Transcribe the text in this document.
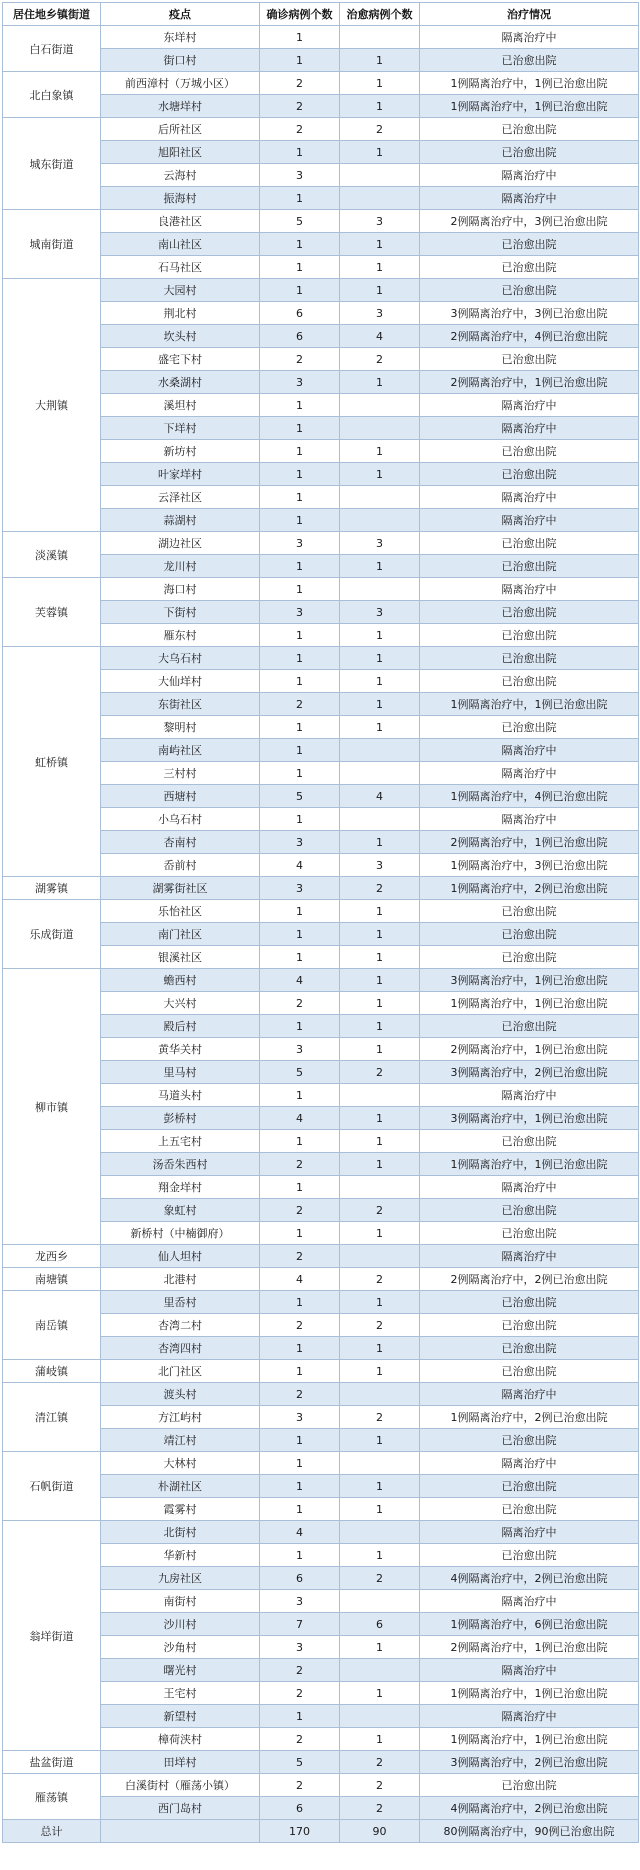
居住地乡镇街道	疫点	确诊病例个数	治愈病例个数	治疗情况
白石街道	东垟村	1		隔离治疗中
	街口村	1	1	已治愈出院
北白象镇	前西漳村（万城小区）	2	1	1例隔离治疗中，1例已治愈出院
	水塘垟村	2	1	1例隔离治疗中，1例已治愈出院
城东街道	后所社区	2	2	已治愈出院
	旭阳社区	1	1	已治愈出院
	云海村	3		隔离治疗中
	振海村	1		隔离治疗中
城南街道	良港社区	5	3	2例隔离治疗中，3例已治愈出院
	南山社区	1	1	已治愈出院
	石马社区	1	1	已治愈出院
大荆镇	大园村	1	1	已治愈出院
	荆北村	6	3	3例隔离治疗中，3例已治愈出院
	坎头村	6	4	2例隔离治疗中，4例已治愈出院
	盛宅下村	2	2	已治愈出院
	水桑湖村	3	1	2例隔离治疗中，1例已治愈出院
	溪坦村	1		隔离治疗中
	下垟村	1		隔离治疗中
	新坊村	1	1	已治愈出院
	叶家垟村	1	1	已治愈出院
	云泽社区	1		隔离治疗中
	蒜湖村	1		隔离治疗中
淡溪镇	湖边社区	3	3	已治愈出院
	龙川村	1	1	已治愈出院
芙蓉镇	海口村	1		隔离治疗中
	下街村	3	3	已治愈出院
	雁东村	1	1	已治愈出院
虹桥镇	大乌石村	1	1	已治愈出院
	大仙垟村	1	1	已治愈出院
	东街社区	2	1	1例隔离治疗中，1例已治愈出院
	黎明村	1	1	已治愈出院
	南屿社区	1		隔离治疗中
	三村村	1		隔离治疗中
	西塘村	5	4	1例隔离治疗中，4例已治愈出院
	小乌石村	1		隔离治疗中
	杏南村	3	1	2例隔离治疗中，1例已治愈出院
	岙前村	4	3	1例隔离治疗中，3例已治愈出院
湖雾镇	湖雾街社区	3	2	1例隔离治疗中，2例已治愈出院
乐成街道	乐怡社区	1	1	已治愈出院
	南门社区	1	1	已治愈出院
	银溪社区	1	1	已治愈出院
柳市镇	蟾西村	4	1	3例隔离治疗中，1例已治愈出院
	大兴村	2	1	1例隔离治疗中，1例已治愈出院
	殿后村	1	1	已治愈出院
	黄华关村	3	1	2例隔离治疗中，1例已治愈出院
	里马村	5	2	3例隔离治疗中，2例已治愈出院
	马道头村	1		隔离治疗中
	彭桥村	4	1	3例隔离治疗中，1例已治愈出院
	上五宅村	1	1	已治愈出院
	汤岙朱西村	2	1	1例隔离治疗中，1例已治愈出院
	翔金垟村	1		隔离治疗中
	象虹村	2	2	已治愈出院
	新桥村（中楠御府）	1	1	已治愈出院
龙西乡	仙人坦村	2		隔离治疗中
南塘镇	北港村	4	2	2例隔离治疗中，2例已治愈出院
南岳镇	里岙村	1	1	已治愈出院
	杏湾二村	2	2	已治愈出院
	杏湾四村	1	1	已治愈出院
蒲岐镇	北门社区	1	1	已治愈出院
清江镇	渡头村	2		隔离治疗中
	方江屿村	3	2	1例隔离治疗中，2例已治愈出院
	靖江村	1	1	已治愈出院
石帆街道	大林村	1		隔离治疗中
	朴湖社区	1	1	已治愈出院
	霞雾村	1	1	已治愈出院
翁垟街道	北街村	4		隔离治疗中
	华新村	1	1	已治愈出院
	九房社区	6	2	4例隔离治疗中，2例已治愈出院
	南街村	3		隔离治疗中
	沙川村	7	6	1例隔离治疗中，6例已治愈出院
	沙角村	3	1	2例隔离治疗中，1例已治愈出院
	曙光村	2		隔离治疗中
	王宅村	2	1	1例隔离治疗中，1例已治愈出院
	新望村	1		隔离治疗中
	樟荷浃村	2	1	1例隔离治疗中，1例已治愈出院
盐盆街道	田垟村	5	2	3例隔离治疗中，2例已治愈出院
雁荡镇	白溪街村（雁荡小镇）	2	2	已治愈出院
	西门岛村	6	2	4例隔离治疗中，2例已治愈出院
总计		170	90	80例隔离治疗中，90例已治愈出院
